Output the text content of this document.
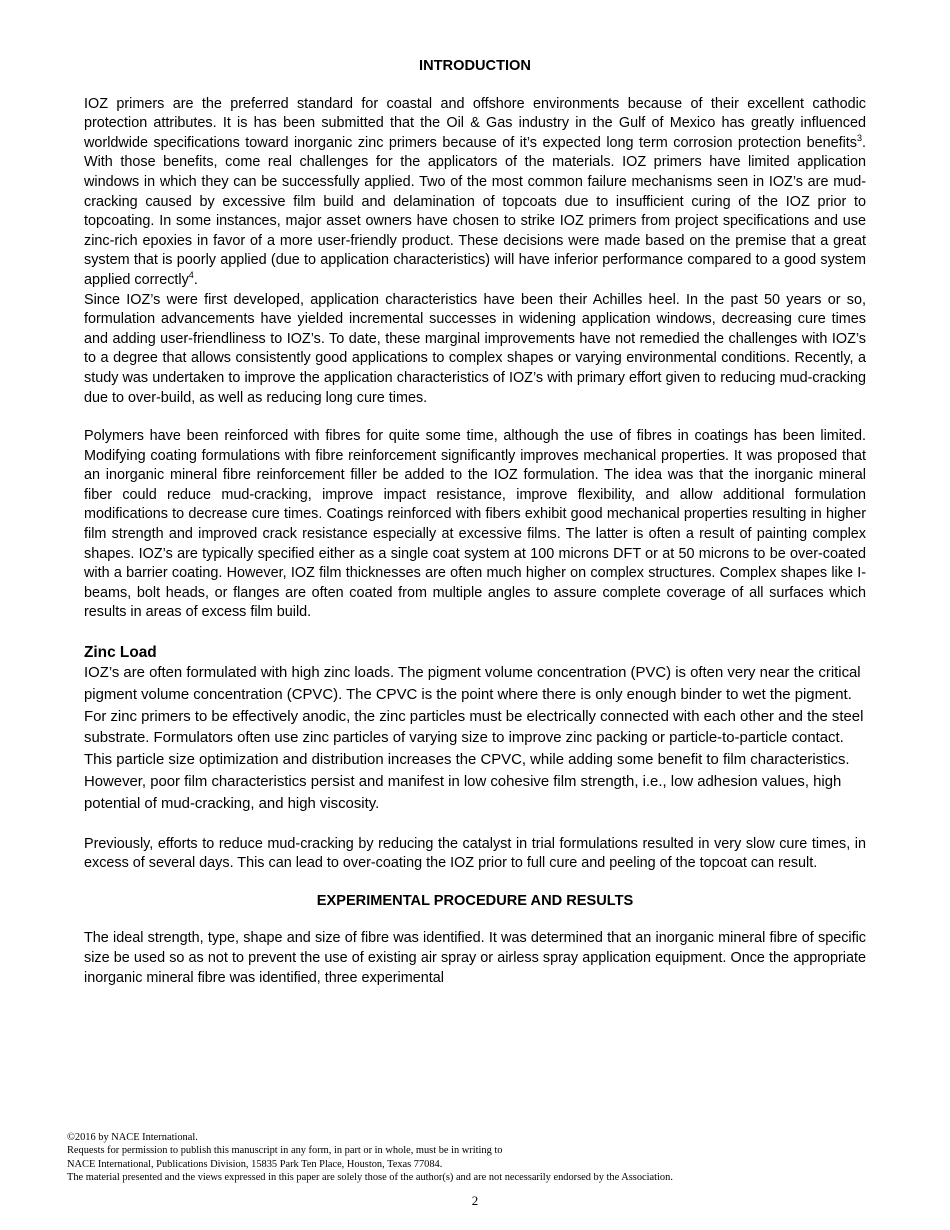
INTRODUCTION

IOZ primers are the preferred standard for coastal and offshore environments because of their excellent cathodic protection attributes. It is has been submitted that the Oil & Gas industry in the Gulf of Mexico has greatly influenced worldwide specifications toward inorganic zinc primers because of it’s expected long term corrosion protection benefits$^3$. With those benefits, come real challenges for the applicators of the materials. IOZ primers have limited application windows in which they can be successfully applied. Two of the most common failure mechanisms seen in IOZ’s are mud-cracking caused by excessive film build and delamination of topcoats due to insufficient curing of the IOZ prior to topcoating. In some instances, major asset owners have chosen to strike IOZ primers from project specifications and use zinc-rich epoxies in favor of a more user-friendly product. These decisions were made based on the premise that a great system that is poorly applied (due to application characteristics) will have inferior performance compared to a good system applied correctly$^4$.

Since IOZ’s were first developed, application characteristics have been their Achilles heel. In the past 50 years or so, formulation advancements have yielded incremental successes in widening application windows, decreasing cure times and adding user-friendliness to IOZ’s. To date, these marginal improvements have not remedied the challenges with IOZ’s to a degree that allows consistently good applications to complex shapes or varying environmental conditions. Recently, a study was undertaken to improve the application characteristics of IOZ’s with primary effort given to reducing mud-cracking due to over-build, as well as reducing long cure times.

Polymers have been reinforced with fibres for quite some time, although the use of fibres in coatings has been limited. Modifying coating formulations with fibre reinforcement significantly improves mechanical properties. It was proposed that an inorganic mineral fibre reinforcement filler be added to the IOZ formulation. The idea was that the inorganic mineral fiber could reduce mud-cracking, improve impact resistance, improve flexibility, and allow additional formulation modifications to decrease cure times. Coatings reinforced with fibers exhibit good mechanical properties resulting in higher film strength and improved crack resistance especially at excessive films. The latter is often a result of painting complex shapes. IOZ’s are typically specified either as a single coat system at 100 microns DFT or at 50 microns to be over-coated with a barrier coating. However, IOZ film thicknesses are often much higher on complex structures. Complex shapes like I-beams, bolt heads, or flanges are often coated from multiple angles to assure complete coverage of all surfaces which results in areas of excess film build.

Zinc Load

IOZ’s are often formulated with high zinc loads. The pigment volume concentration (PVC) is often very near the critical pigment volume concentration (CPVC). The CPVC is the point where there is only enough binder to wet the pigment. For zinc primers to be effectively anodic, the zinc particles must be electrically connected with each other and the steel substrate. Formulators often use zinc particles of varying size to improve zinc packing or particle-to-particle contact. This particle size optimization and distribution increases the CPVC, while adding some benefit to film characteristics. However, poor film characteristics persist and manifest in low cohesive film strength, i.e., low adhesion values, high potential of mud-cracking, and high viscosity.

Previously, efforts to reduce mud-cracking by reducing the catalyst in trial formulations resulted in very slow cure times, in excess of several days. This can lead to over-coating the IOZ prior to full cure and peeling of the topcoat can result.

EXPERIMENTAL PROCEDURE AND RESULTS

The ideal strength, type, shape and size of fibre was identified. It was determined that an inorganic mineral fibre of specific size be used so as not to prevent the use of existing air spray or airless spray application equipment. Once the appropriate inorganic mineral fibre was identified, three experimental

©2016 by NACE International.
Requests for permission to publish this manuscript in any form, in part or in whole, must be in writing to
NACE International, Publications Division, 15835 Park Ten Place, Houston, Texas 77084.
The material presented and the views expressed in this paper are solely those of the author(s) and are not necessarily endorsed by the Association.
2
